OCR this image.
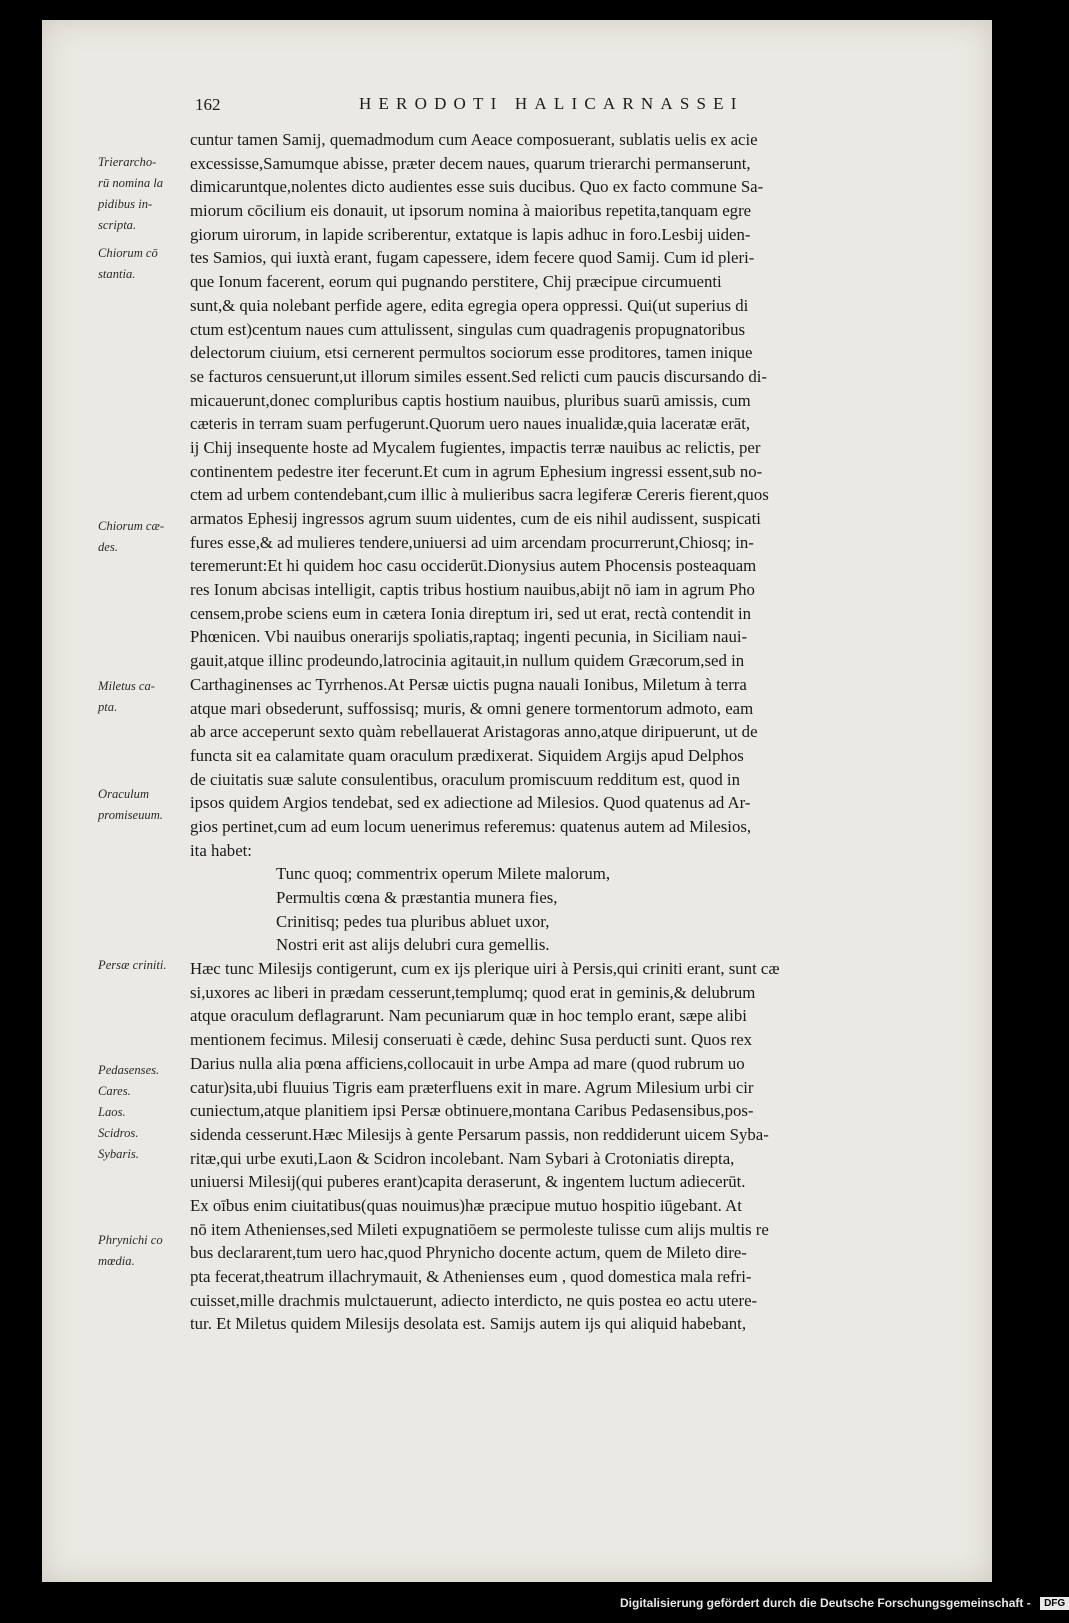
162	HERODOTI HALICARNASSEI
Trierarcho-
rū nomina la
pidibus in-
scripta.
Chiorum cō
stantia.
Chiorum cæ-
des.
Miletus ca-
pta.
Oraculum
promiseuum.
Persæ criniti.
Pedasenses.
Cares.
Laos.
Scidros.
Sybaris.
Phrynichi co
mœdia.
cuntur tamen Samij, quemadmodum cum Aeace composuerant, sublatis uelis ex acie
excessisse,Samumque abisse, præter decem naues, quarum trierarchi permanserunt,
dimicaruntque,nolentes dicto audientes esse suis ducibus. Quo ex facto commune Sa-
miorum cōcilium eis donauit, ut ipsorum nomina à maioribus repetita,tanquam egre
giorum uirorum, in lapide scriberentur, extatque is lapis adhuc in foro.Lesbij uiden-
tes Samios, qui iuxtà erant, fugam capessere, idem fecere quod Samij. Cum id pleri-
que Ionum facerent, eorum qui pugnando perstitere, Chij præcipue circumuenti
sunt,& quia nolebant perfide agere, edita egregia opera oppressi. Qui(ut superius di
ctum est)centum naues cum attulissent, singulas cum quadragenis propugnatoribus
delectorum ciuium, etsi cernerent permultos sociorum esse proditores, tamen inique
se facturos censuerunt,ut illorum similes essent.Sed relicti cum paucis discursando di-
micauerunt,donec compluribus captis hostium nauibus, pluribus suarū amissis, cum
cæteris in terram suam perfugerunt.Quorum uero naues inualidæ,quia laceratæ erāt,
ij Chij insequente hoste ad Mycalem fugientes, impactis terræ nauibus ac relictis, per
continentem pedestre iter fecerunt.Et cum in agrum Ephesium ingressi essent,sub no-
ctem ad urbem contendebant,cum illic à mulieribus sacra legiferæ Cereris fierent,quos
armatos Ephesij ingressos agrum suum uidentes, cum de eis nihil audissent, suspicati
fures esse,& ad mulieres tendere,uniuersi ad uim arcendam procurrerunt,Chiosq; in-
teremerunt:Et hi quidem hoc casu occiderūt.Dionysius autem Phocensis posteaquam
res Ionum abcisas intelligit, captis tribus hostium nauibus,abijt nō iam in agrum Pho
censem,probe sciens eum in cætera Ionia direptum iri, sed ut erat, rectà contendit in
Phœnicen. Vbi nauibus onerarijs spoliatis,raptaq; ingenti pecunia, in Siciliam naui-
gauit,atque illinc prodeundo,latrocinia agitauit,in nullum quidem Græcorum,sed in
Carthaginenses ac Tyrrhenos.At Persæ uictis pugna nauali Ionibus, Miletum à terra
atque mari obsederunt, suffossisq; muris, & omni genere tormentorum admoto, eam
ab arce acceperunt sexto quàm rebellauerat Aristagoras anno,atque diripuerunt, ut de
functa sit ea calamitate quam oraculum prædixerat. Siquidem Argijs apud Delphos
de ciuitatis suæ salute consulentibus, oraculum promiscuum redditum est, quod in
ipsos quidem Argios tendebat, sed ex adiectione ad Milesios. Quod quatenus ad Ar-
gios pertinet,cum ad eum locum uenerimus referemus: quatenus autem ad Milesios,
ita habet:
Tunc quoq; commentrix operum Milete malorum,
Permultis cœna & præstantia munera fies,
Crinitisq; pedes tua pluribus abluet uxor,
Nostri erit ast alijs delubri cura gemellis.
Hæc tunc Milesijs contigerunt, cum ex ijs plerique uiri à Persis,qui criniti erant, sunt cæ
si,uxores ac liberi in prædam cesserunt,templumq; quod erat in geminis,& delubrum
atque oraculum deflagrarunt. Nam pecuniarum quæ in hoc templo erant, sæpe alibi
mentionem fecimus. Milesij conseruati è cæde, dehinc Susa perducti sunt. Quos rex
Darius nulla alia pœna afficiens,collocauit in urbe Ampa ad mare (quod rubrum uo
catur)sita,ubi fluuius Tigris eam præterfluens exit in mare. Agrum Milesium urbi cir
cuniectum,atque planitiem ipsi Persæ obtinuere,montana Caribus Pedasensibus,pos-
sidenda cesserunt.Hæc Milesijs à gente Persarum passis, non reddiderunt uicem Syba-
ritæ,qui urbe exuti,Laon & Scidron incolebant. Nam Sybari à Crotoniatis direpta,
uniuersi Milesij(qui puberes erant)capita deraserunt, & ingentem luctum adiecerūt.
Ex oībus enim ciuitatibus(quas nouimus)hæ præcipue mutuo hospitio iūgebant. At
nō item Athenienses,sed Mileti expugnatiōem se permoleste tulisse cum alijs multis re
bus declararent,tum uero hac,quod Phrynicho docente actum, quem de Mileto dire-
pta fecerat,theatrum illachrymauit, & Athenienses eum , quod domestica mala refri-
cuisset,mille drachmis mulctauerunt, adiecto interdicto, ne quis postea eo actu utere-
tur. Et Miletus quidem Milesijs desolata est. Samijs autem ijs qui aliquid habebant,
Digitalisierung gefördert durch die Deutsche Forschungsgemeinschaft - DFG
